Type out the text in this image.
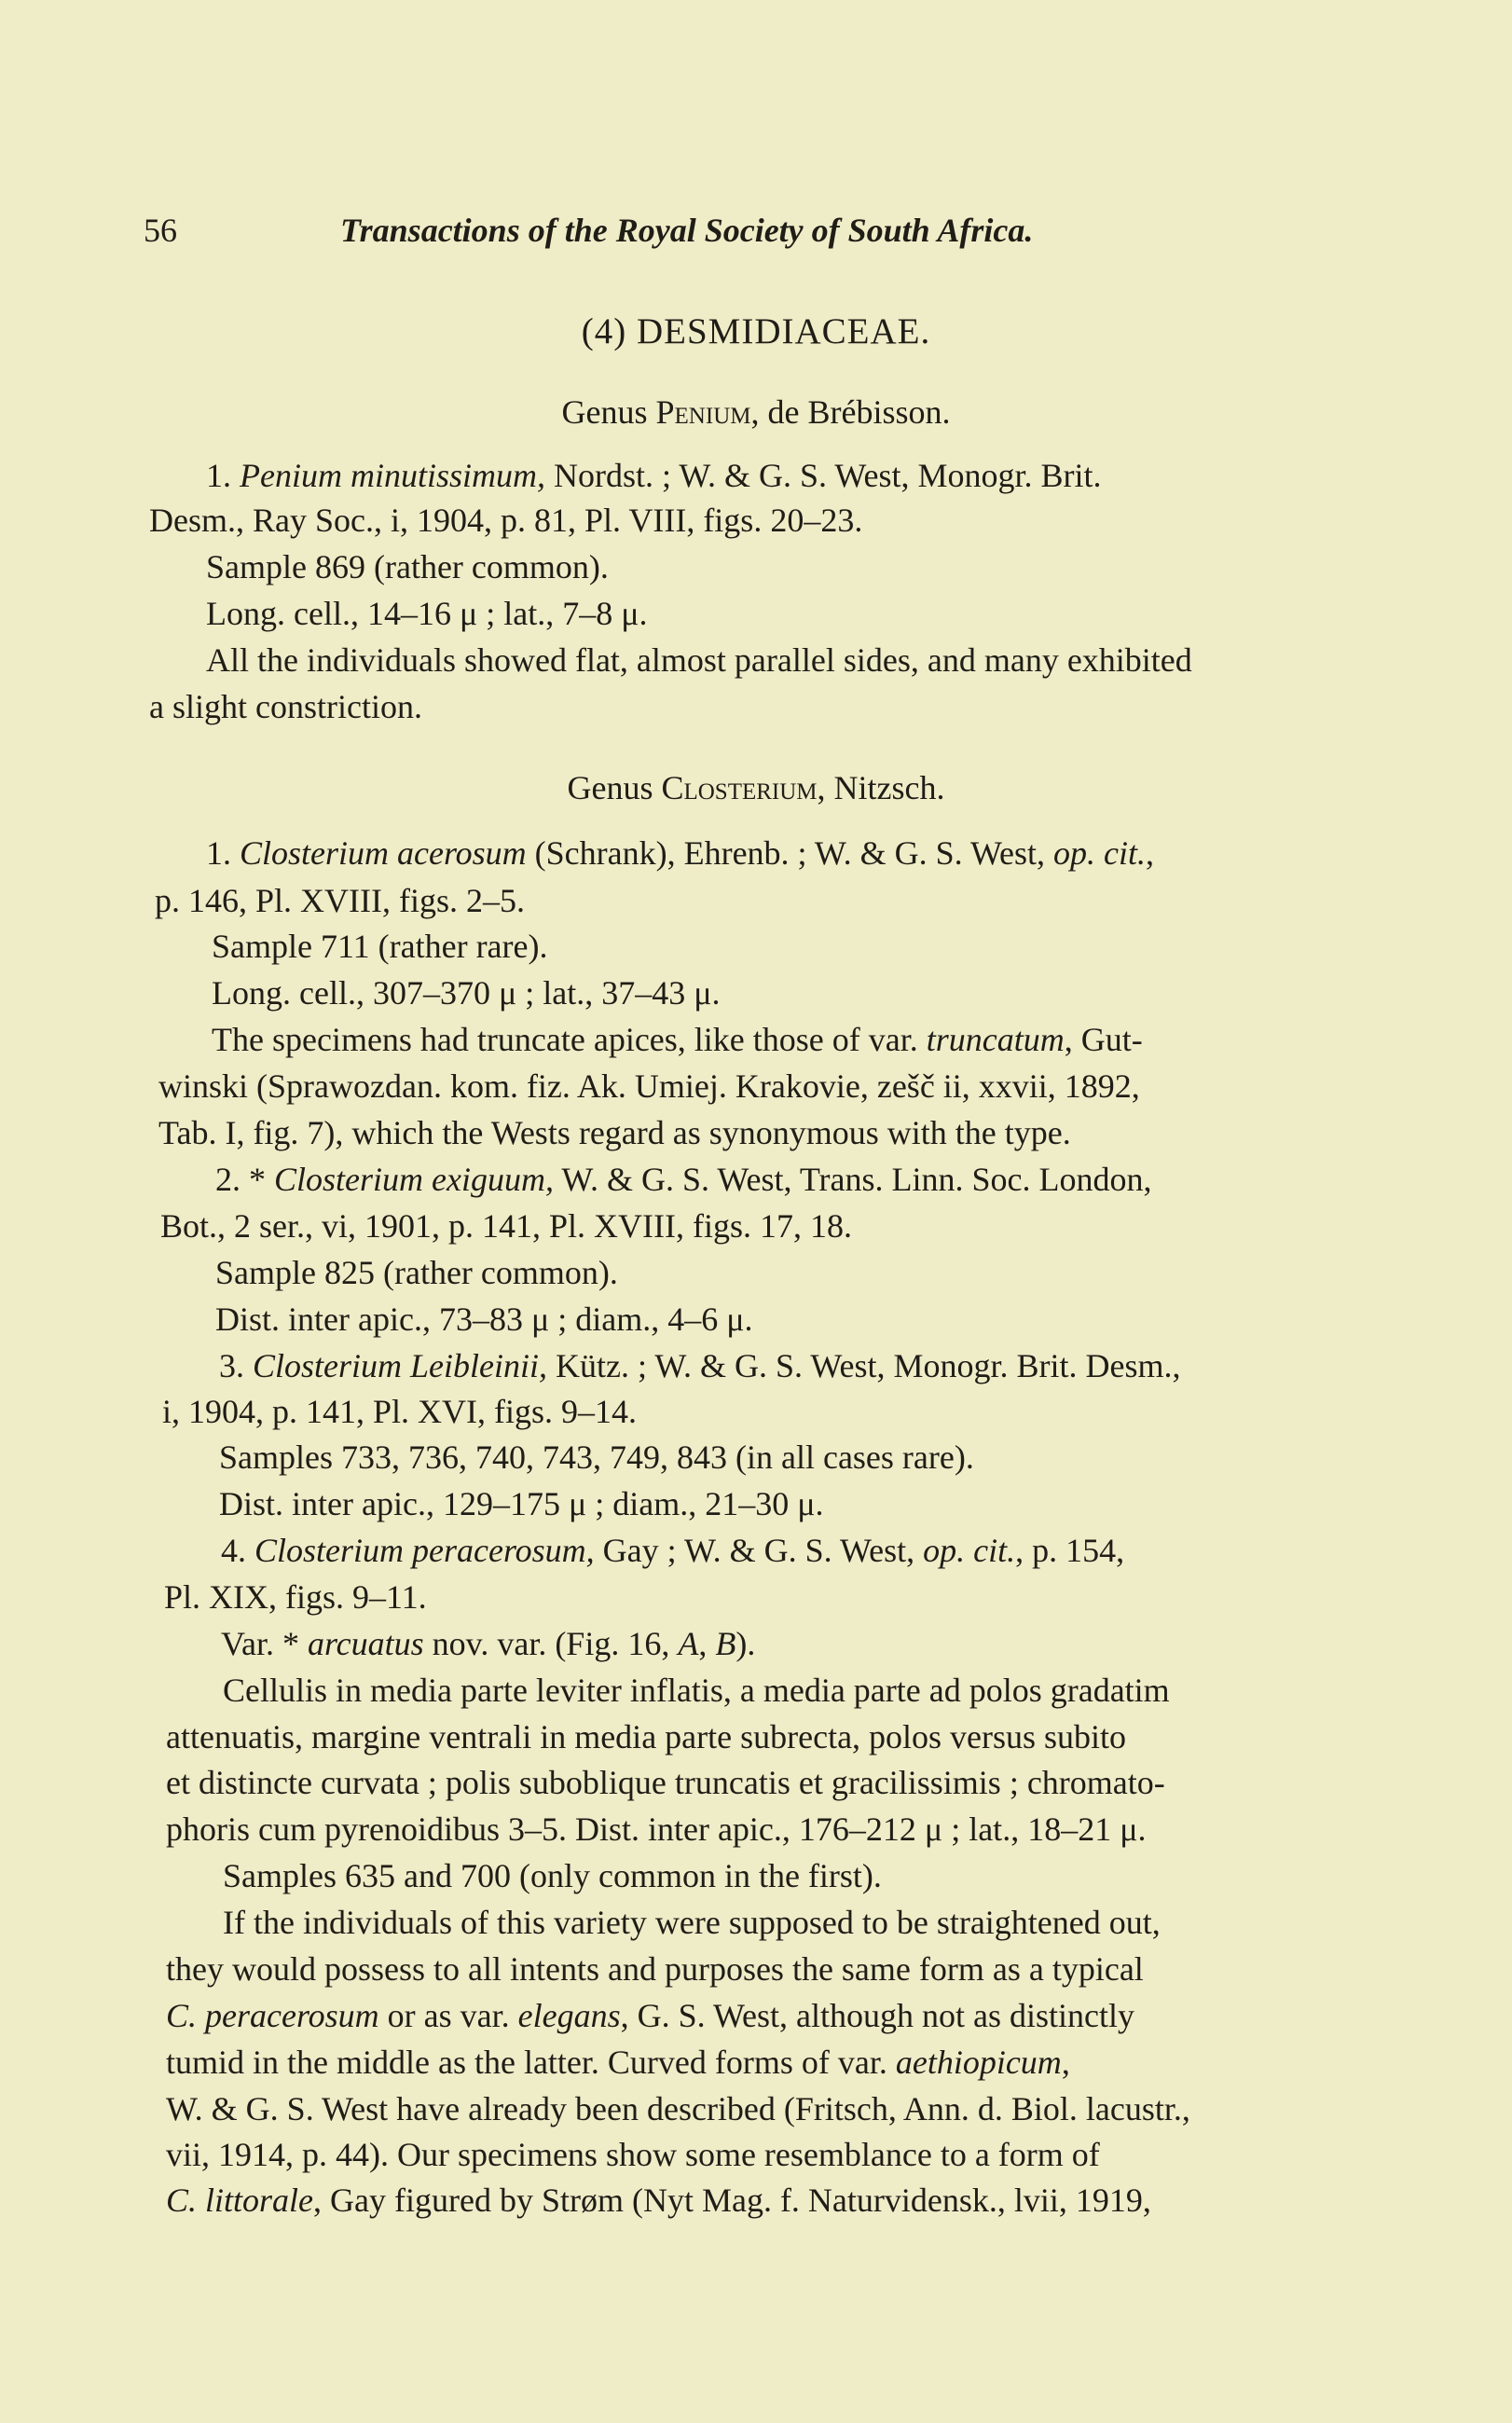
56	Transactions of the Royal Society of South Africa.
(4) DESMIDIACEAE.
Genus Penium, de Brébisson.
1. Penium minutissimum, Nordst. ; W. & G. S. West, Monogr. Brit.
Desm., Ray Soc., i, 1904, p. 81, Pl. VIII, figs. 20–23.
Sample 869 (rather common).
Long. cell., 14–16 μ ; lat., 7–8 μ.
All the individuals showed flat, almost parallel sides, and many exhibited
a slight constriction.
Genus Closterium, Nitzsch.
1. Closterium acerosum (Schrank), Ehrenb. ; W. & G. S. West, op. cit.,
p. 146, Pl. XVIII, figs. 2–5.
Sample 711 (rather rare).
Long. cell., 307–370 μ ; lat., 37–43 μ.
The specimens had truncate apices, like those of var. truncatum, Gut-
winski (Sprawozdan. kom. fiz. Ak. Umiej. Krakovie, zešč ii, xxvii, 1892,
Tab. I, fig. 7), which the Wests regard as synonymous with the type.
2. * Closterium exiguum, W. & G. S. West, Trans. Linn. Soc. London,
Bot., 2 ser., vi, 1901, p. 141, Pl. XVIII, figs. 17, 18.
Sample 825 (rather common).
Dist. inter apic., 73–83 μ ; diam., 4–6 μ.
3. Closterium Leibleinii, Kütz. ; W. & G. S. West, Monogr. Brit. Desm.,
i, 1904, p. 141, Pl. XVI, figs. 9–14.
Samples 733, 736, 740, 743, 749, 843 (in all cases rare).
Dist. inter apic., 129–175 μ ; diam., 21–30 μ.
4. Closterium peracerosum, Gay ; W. & G. S. West, op. cit., p. 154,
Pl. XIX, figs. 9–11.
Var. * arcuatus nov. var. (Fig. 16, A, B).
Cellulis in media parte leviter inflatis, a media parte ad polos gradatim
attenuatis, margine ventrali in media parte subrecta, polos versus subito
et distincte curvata ; polis suboblique truncatis et gracilissimis ; chromato-
phoris cum pyrenoidibus 3–5. Dist. inter apic., 176–212 μ ; lat., 18–21 μ.
Samples 635 and 700 (only common in the first).
If the individuals of this variety were supposed to be straightened out,
they would possess to all intents and purposes the same form as a typical
C. peracerosum or as var. elegans, G. S. West, although not as distinctly
tumid in the middle as the latter. Curved forms of var. aethiopicum,
W. & G. S. West have already been described (Fritsch, Ann. d. Biol. lacustr.,
vii, 1914, p. 44). Our specimens show some resemblance to a form of
C. littorale, Gay figured by Strøm (Nyt Mag. f. Naturvidensk., lvii, 1919,
